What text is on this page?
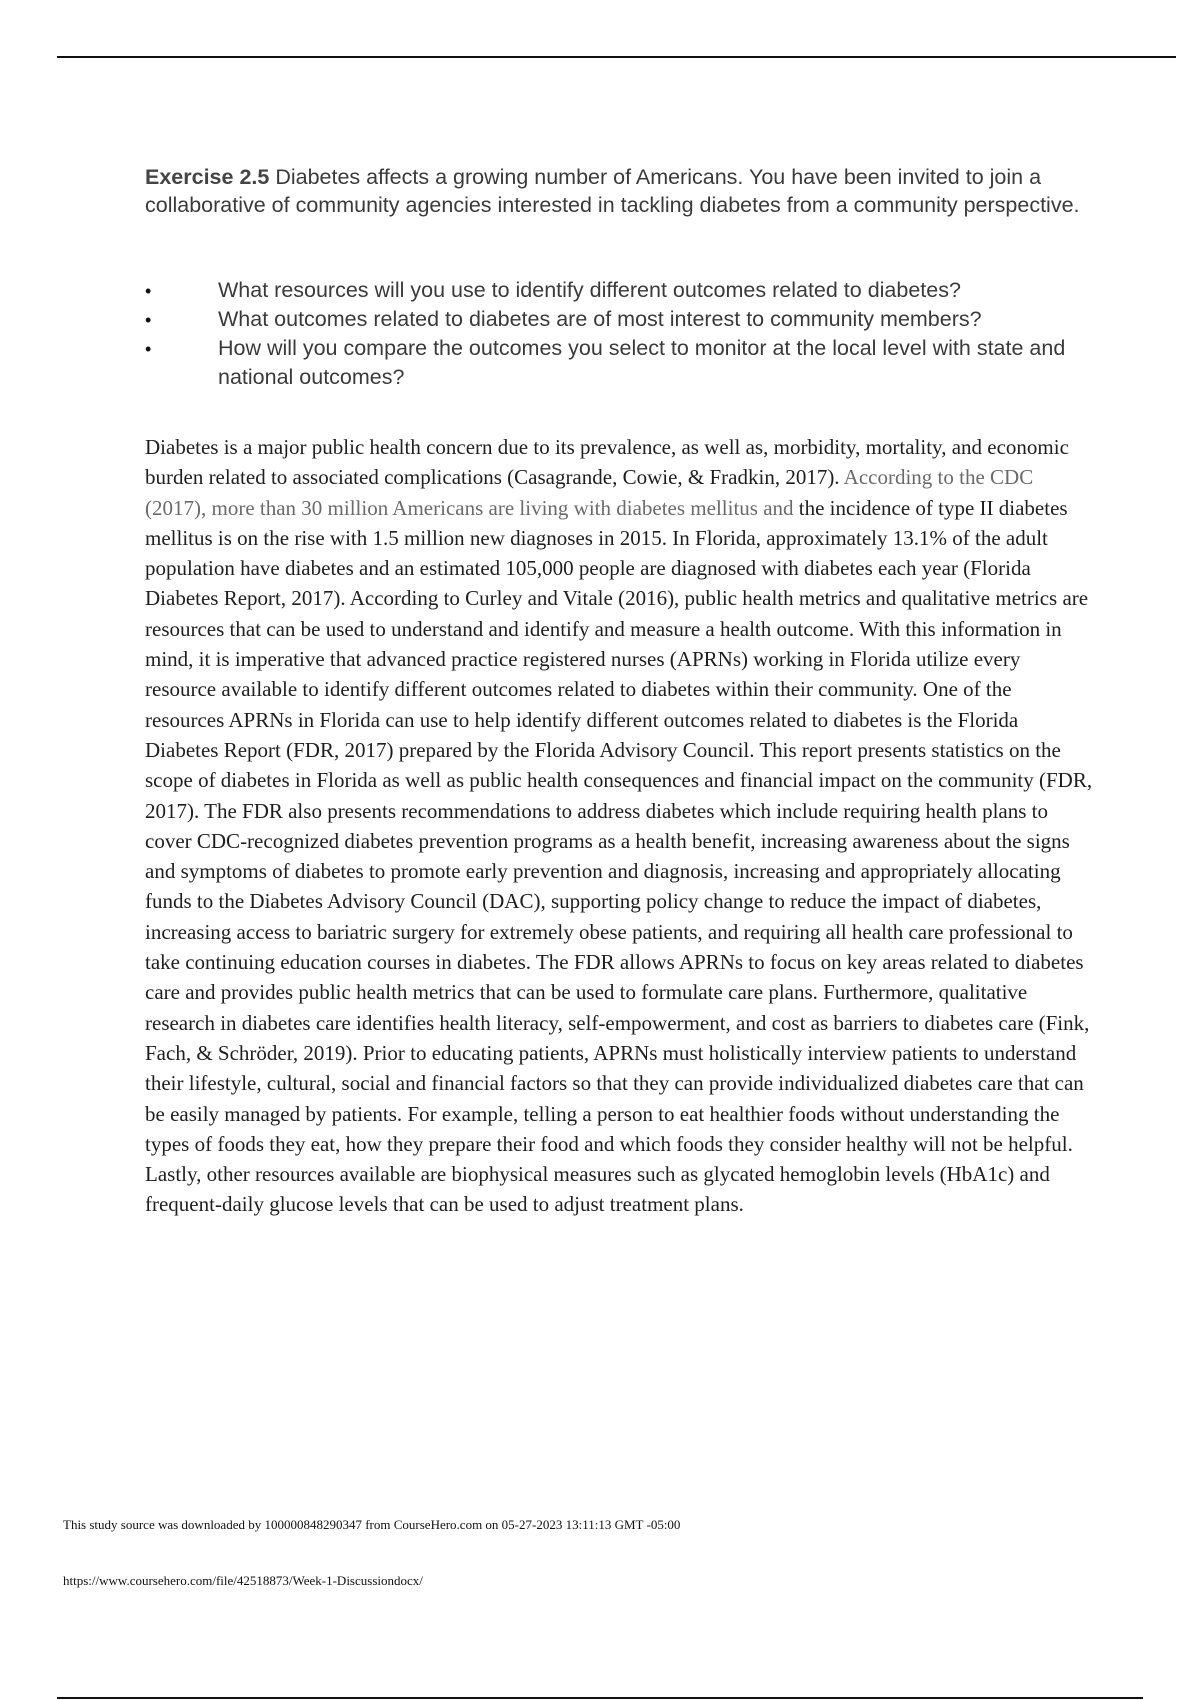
Exercise 2.5 Diabetes affects a growing number of Americans. You have been invited to join a collaborative of community agencies interested in tackling diabetes from a community perspective.

•	What resources will you use to identify different outcomes related to diabetes?
•	What outcomes related to diabetes are of most interest to community members?
•	How will you compare the outcomes you select to monitor at the local level with state and national outcomes?

Diabetes is a major public health concern due to its prevalence, as well as, morbidity, mortality, and economic burden related to associated complications (Casagrande, Cowie, & Fradkin, 2017). According to the CDC (2017), more than 30 million Americans are living with diabetes mellitus and the incidence of type II diabetes mellitus is on the rise with 1.5 million new diagnoses in 2015. In Florida, approximately 13.1% of the adult population have diabetes and an estimated 105,000 people are diagnosed with diabetes each year (Florida Diabetes Report, 2017). According to Curley and Vitale (2016), public health metrics and qualitative metrics are resources that can be used to understand and identify and measure a health outcome. With this information in mind, it is imperative that advanced practice registered nurses (APRNs) working in Florida utilize every resource available to identify different outcomes related to diabetes within their community. One of the resources APRNs in Florida can use to help identify different outcomes related to diabetes is the Florida Diabetes Report (FDR, 2017) prepared by the Florida Advisory Council. This report presents statistics on the scope of diabetes in Florida as well as public health consequences and financial impact on the community (FDR, 2017). The FDR also presents recommendations to address diabetes which include requiring health plans to cover CDC-recognized diabetes prevention programs as a health benefit, increasing awareness about the signs and symptoms of diabetes to promote early prevention and diagnosis, increasing and appropriately allocating funds to the Diabetes Advisory Council (DAC), supporting policy change to reduce the impact of diabetes, increasing access to bariatric surgery for extremely obese patients, and requiring all health care professional to take continuing education courses in diabetes. The FDR allows APRNs to focus on key areas related to diabetes care and provides public health metrics that can be used to formulate care plans. Furthermore, qualitative research in diabetes care identifies health literacy, self-empowerment, and cost as barriers to diabetes care (Fink, Fach, & Schröder, 2019). Prior to educating patients, APRNs must holistically interview patients to understand their lifestyle, cultural, social and financial factors so that they can provide individualized diabetes care that can be easily managed by patients. For example, telling a person to eat healthier foods without understanding the types of foods they eat, how they prepare their food and which foods they consider healthy will not be helpful. Lastly, other resources available are biophysical measures such as glycated hemoglobin levels (HbA1c) and frequent-daily glucose levels that can be used to adjust treatment plans.

This study source was downloaded by 100000848290347 from CourseHero.com on 05-27-2023 13:11:13 GMT -05:00
https://www.coursehero.com/file/42518873/Week-1-Discussiondocx/
